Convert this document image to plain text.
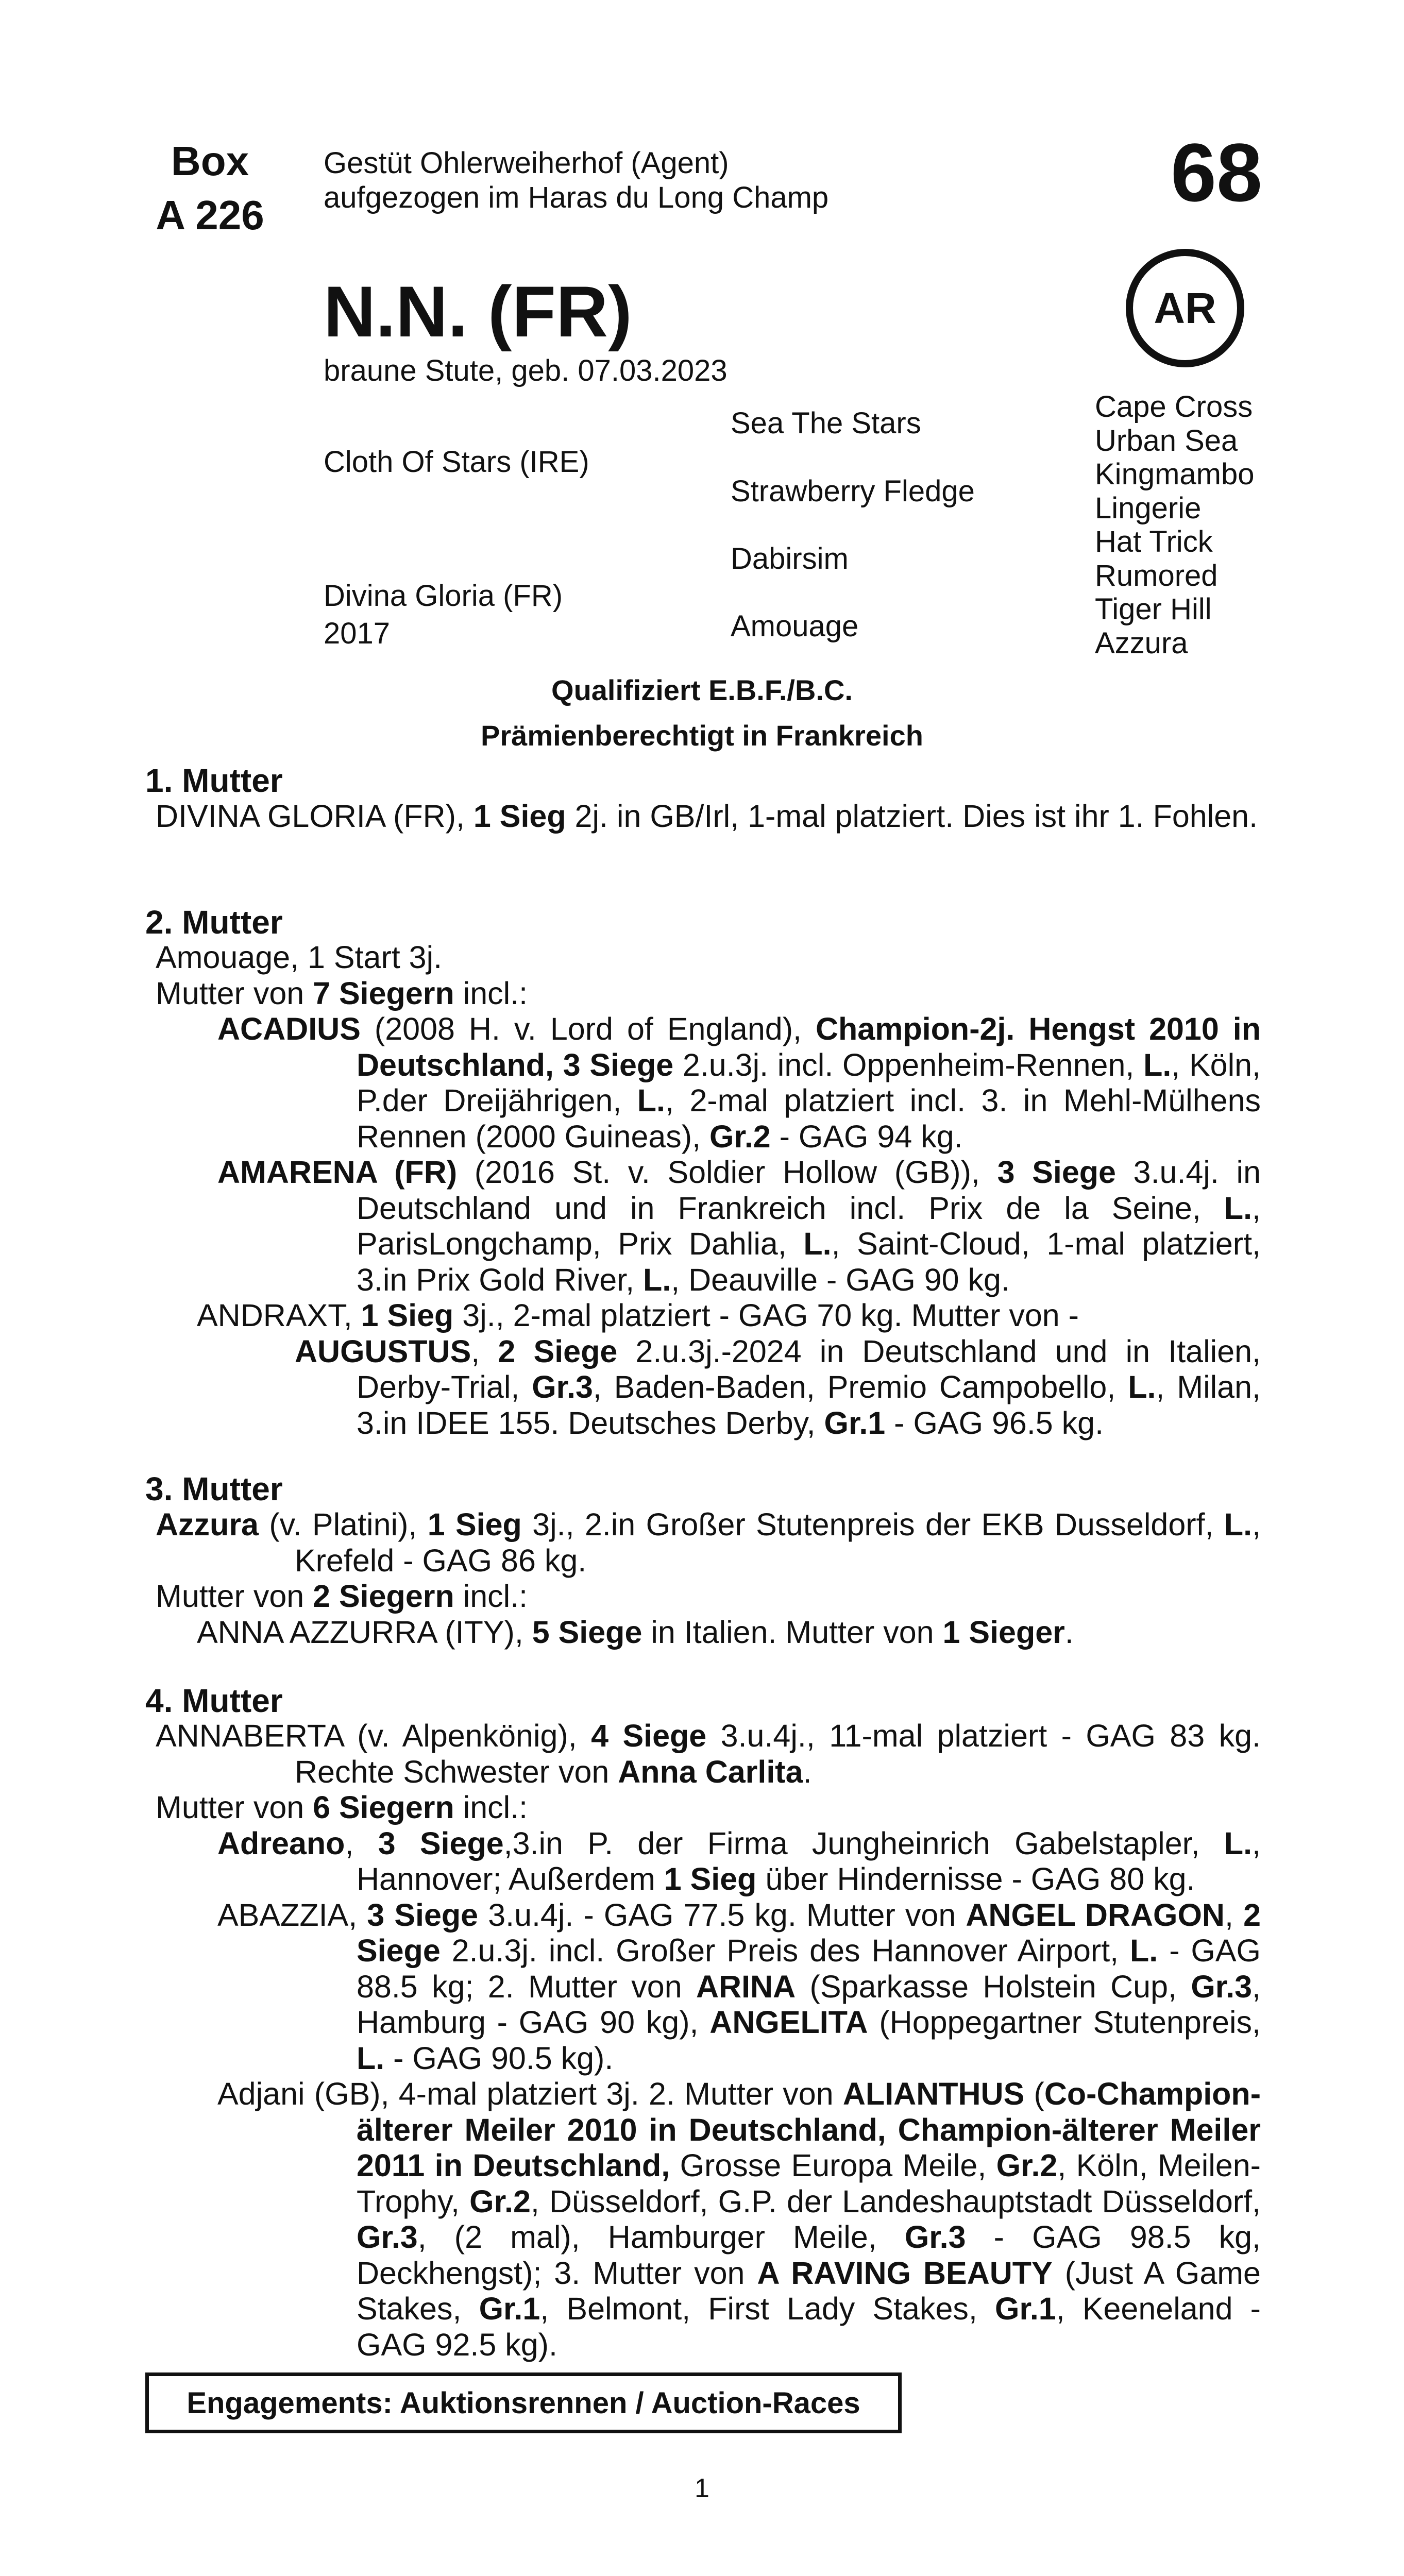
Box
A 226
Gestüt Ohlerweiherhof (Agent)
aufgezogen im Haras du Long Champ	68
AR
N.N. (FR)
braune Stute, geb. 07.03.2023
Cloth Of Stars (IRE)
Divina Gloria (FR)
2017
Sea The Stars
Strawberry Fledge
Dabirsim
Amouage
Cape Cross
Urban Sea
Kingmambo
Lingerie
Hat Trick
Rumored
Tiger Hill
Azzura
Qualifiziert E.B.F./B.C.
Prämienberechtigt in Frankreich
1. Mutter

DIVINA GLORIA (FR), 1 Sieg 2j. in GB/Irl, 1-mal platziert. Dies ist ihr 1. Fohlen.

2. Mutter

Amouage, 1 Start 3j.

Mutter von 7 Siegern incl.:

ACADIUS (2008 H. v. Lord of England), Champion-2j. Hengst 2010 in Deutschland, 3 Siege 2.u.3j. incl. Oppenheim-Rennen, L., Köln, P.der Dreijährigen, L., 2-mal platziert incl. 3. in Mehl-Mülhens Rennen (2000 Guineas), Gr.2 - GAG 94 kg.

AMARENA (FR) (2016 St. v. Soldier Hollow (GB)), 3 Siege 3.u.4j. in Deutschland und in Frankreich incl. Prix de la Seine, L., ParisLongchamp, Prix Dahlia, L., Saint-Cloud, 1-mal platziert, 3.in Prix Gold River, L., Deauville - GAG 90 kg.

ANDRAXT, 1 Sieg 3j., 2-mal platziert - GAG 70 kg. Mutter von -

AUGUSTUS, 2 Siege 2.u.3j.-2024 in Deutschland und in Italien, Derby-Trial, Gr.3, Baden-Baden, Premio Campobello, L., Milan, 3.in IDEE 155. Deutsches Derby, Gr.1 - GAG 96.5 kg.

3. Mutter

Azzura (v. Platini), 1 Sieg 3j., 2.in Großer Stutenpreis der EKB Dusseldorf, L., Krefeld - GAG 86 kg.

Mutter von 2 Siegern incl.:

ANNA AZZURRA (ITY), 5 Siege in Italien. Mutter von 1 Sieger.

4. Mutter

ANNABERTA (v. Alpenkönig), 4 Siege 3.u.4j., 11-mal platziert - GAG 83 kg. Rechte Schwester von Anna Carlita.

Mutter von 6 Siegern incl.:

Adreano, 3 Siege,3.in P. der Firma Jungheinrich Gabelstapler, L., Hannover; Außerdem 1 Sieg über Hindernisse - GAG 80 kg.

ABAZZIA, 3 Siege 3.u.4j. - GAG 77.5 kg. Mutter von ANGEL DRAGON, 2 Siege 2.u.3j. incl. Großer Preis des Hannover Airport, L. - GAG 88.5 kg; 2. Mutter von ARINA (Sparkasse Holstein Cup, Gr.3, Hamburg - GAG 90 kg), ANGELITA (Hoppegartner Stutenpreis, L. - GAG 90.5 kg).

Adjani (GB), 4-mal platziert 3j. 2. Mutter von ALIANTHUS (Co-Champion-älterer Meiler 2010 in Deutschland, Champion-älterer Meiler 2011 in Deutschland, Grosse Europa Meile, Gr.2, Köln, Meilen-Trophy, Gr.2, Düsseldorf, G.P. der Landeshauptstadt Düsseldorf, Gr.3, (2 mal), Hamburger Meile, Gr.3 - GAG 98.5 kg, Deckhengst); 3. Mutter von A RAVING BEAUTY (Just A Game Stakes, Gr.1, Belmont, First Lady Stakes, Gr.1, Keeneland - GAG 92.5 kg).

Engagements: Auktionsrennen / Auction-Races
1
